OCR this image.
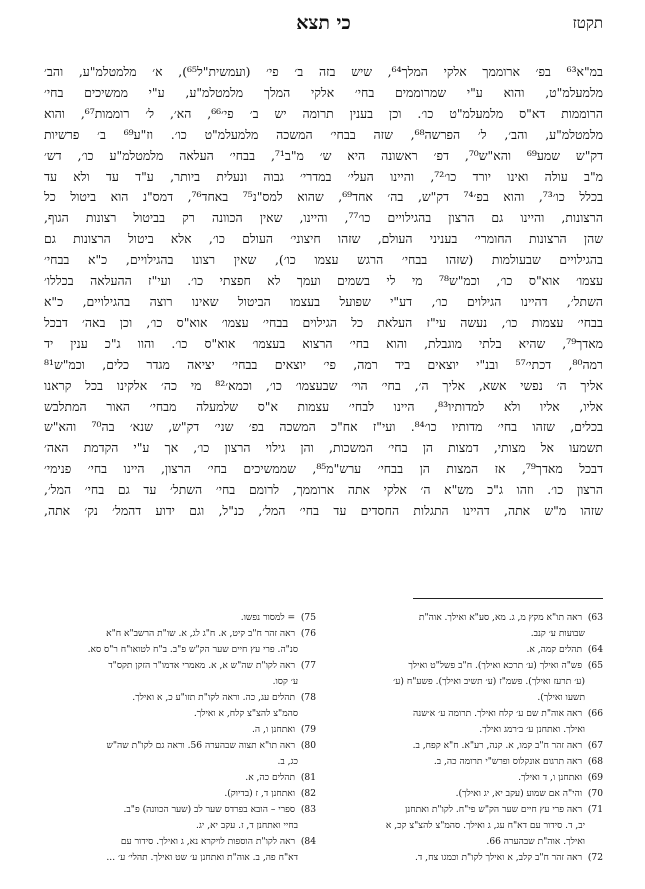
תקטז
כי תצא
במ"א⁶³ בפ׳ ארוממך אלקי המלך⁶⁴, שיש בזה ב׳ פי׳ (ועמשית"ל⁶⁵), א׳ מלמטלמ"ע, והב׳
מלמעלמ"ט, והוא ע"י שמרוממים בחי׳ אלקי המלך מלמטלמ"ע, ע"י ממשיכים בחי׳
הרוממות דא"ס מלמעלמ"ט כו׳. וכן בענין תרומה יש ב׳ פי׳⁶⁶, הא׳, ל׳ רוממות⁶⁷, והוא
מלמטלמ"ע, והב׳, ל׳ הפרשה⁶⁸, שזה בבחי׳ המשכה מלמעלמ"ט כו׳. וז"ע⁶⁹ ב׳ פרשיות
דק"ש שמע⁶⁹ והא"ש⁷⁰, דפ׳ ראשונה היא ש׳ מ"ב⁷¹, בבחי׳ העלאה מלמטלמ"ע כו׳, דש׳
מ"ב עולה ואינו יורד כו׳⁷², והיינו העלי׳ במדרי׳ גבוה ונעלית ביותר, ע"ד עד ולא עד
בכלל כו׳⁷³, והוא בפ׳⁷⁴ דק"ש, בה׳ אחד⁶⁹, שהוא למס"נ⁷⁵ באחד⁷⁶, דמס"נ הוא ביטול כל
הרצונות, והיינו גם הרצון בהגילויים כו׳⁷⁷, והיינו, שאין הכוונה רק בביטול רצונות הגוף,
שהן הרצונות החומרי׳ בעניני העולם, שזהו חיצוני׳ העולם כו׳, אלא ביטול הרצונות גם
בהגילויים שבעולמות (שזהו בבחי׳ הרגש עצמו כו׳), שאין רצונו בהגילויים, כ"א בבחי׳
עצמו׳ אוא"ס כו׳, וכמ"ש⁷⁸ מי לי בשמים ועמך לא חפצתי כו׳. ועי"ז ההעלאה בכללו׳
השתל׳, דהיינו הגילוים כו׳, דע"י שפועל בעצמו הביטול שאינו רוצה בהגילויים, כ"א
בבחי׳ עצמות כו׳, נעשה עי"ז העלאת כל הגילוים בבחי׳ עצמו׳ אוא"ס כו׳, וכן באה׳ דבכל
מאדך⁷⁹, שהיא בלתי מוגבלת, והוא בחי׳ הרצוא בעצמו׳ אוא"ס כו׳. והוו ג"כ ענין יד
רמה⁸⁰, דכתי׳⁵⁷ ובנ"י יוצאים ביד רמה, פי׳ יוצאים בבחי׳ יציאה מגדר כלים, וכמ"ש⁸¹
אליך ה׳ נפשי אשא, אליך ה׳, בחי׳ הוי׳ שבעצמו׳ כו׳, וכמא׳⁸² מי כה׳ אלקינו בכל קראנו
אליו, אליו ולא למדותיו⁸³, היינו לבחי׳ עצמות א"ס שלמעלה מבחי׳ האור המתלבש
בכלים, שזהו בחי׳ מדותיו כו׳⁸⁴. ועי"ז אח"כ המשכה בפ׳ שני׳ דק"ש, שנא׳ בה⁷⁰ והא"ש
תשמעו אל מצותי, דמצות הן בחי׳ המשכות, והן גילוי הרצון כו׳, אך ע"י הקדמת האה׳
דבכל מאדך⁷⁹, אז המצות הן בבחי׳ ערש"מ⁸⁵, שממשיכים בחי׳ הרצון, היינו בחי׳ פנימי׳
הרצון כו׳. וזהו ג"כ מש"א ה׳ אלקי אתה ארוממך, לרומם בחי׳ השתל׳ עד גם בחי׳ המל׳,
שזהו מ"ש אתה, דהיינו התגלות החסדים עד בחי׳ המל׳, כנ"ל, וגם ידוע דהמל׳ נק׳ אתה,
63) ראה תו"א מקץ מ, ג. מא, סע"א ואילך. אוה"ת
שבועות ע׳ קנב.
64) תהלים קמה, א.
65) פש"ה ואילך (ע׳ תרכא ואילך). ח"ב פשל"ט ואילך
(ע׳ תרעז ואילך). פשמ"ז (ע׳ תשיב ואילך). פשע"ח (ע׳
תשעו ואילך).
66) ראה אוה"ת שם ע׳ קלח ואילך. תרומה ע׳ א׳שנה
ואילך. ואתחנן ע׳ ב׳רמג ואילך.
67) ראה זהר ח"ב קמו, א. קנה, רע"א. ח"א קפח, ב.
68) ראה תרגום אונקלוס ופרש"י תרומה כה, ב.
69) ואתחנן ו, ד ואילך.
70) והי"ה אם שמוע (עקב יא, יג ואילך).
71) ראה פרי עץ חיים שער הק"ש פי"ח. לקו"ת ואתחנן
יב, ד. סידור עם דא"ח עג, ג ואילך. סהמ"צ להצ"צ קכ, א
ואילך. אוה"ת שבהערה 66.
72) ראה זהר ח"ב קלב, א ואילך לקו"ת וכמגו צח, ד.
75) = למסור נפשו.
76) ראה זהר ח"ב קיט, א. ח"ג לג, א. שו"ת הרשב"א ח"א
סנ"ה. פרי עץ חיים שער הק"ש פ"ב. ב"ח לטואו"ח ר"ס סא.
77) ראה לקו"ת שה"ש א, א. מאמרי אדמו"ר הזקן תקס"ד
ע׳ קסו.
78) תהלים עג, כה. וראה לקו"ת תזו"ע כ, א ואילך.
סהמ"צ להצ"צ קלח, א ואילך.
79) ואתחנן ו, ה.
80) ראה תו"א תצוה שבהערה 56. וראה גם לקו"ת שה"ש
כג, ב.
81) תהלים כה, א.
82) ואתחנן ד, ז (בדיוק).
83) ספרי – הובא בפרדס שער לב (שער הכוונה) פ"ב.
בחיי ואתחנן ד, ז. עקב יא, יג.
84) ראה לקו"ת הוספות לויקרא נא, ג ואילך. סידור עם
דא"ח פה, ב. אוה"ת ואתחנן ע׳ שט ואילך. תהלי׳ ע׳ ...
